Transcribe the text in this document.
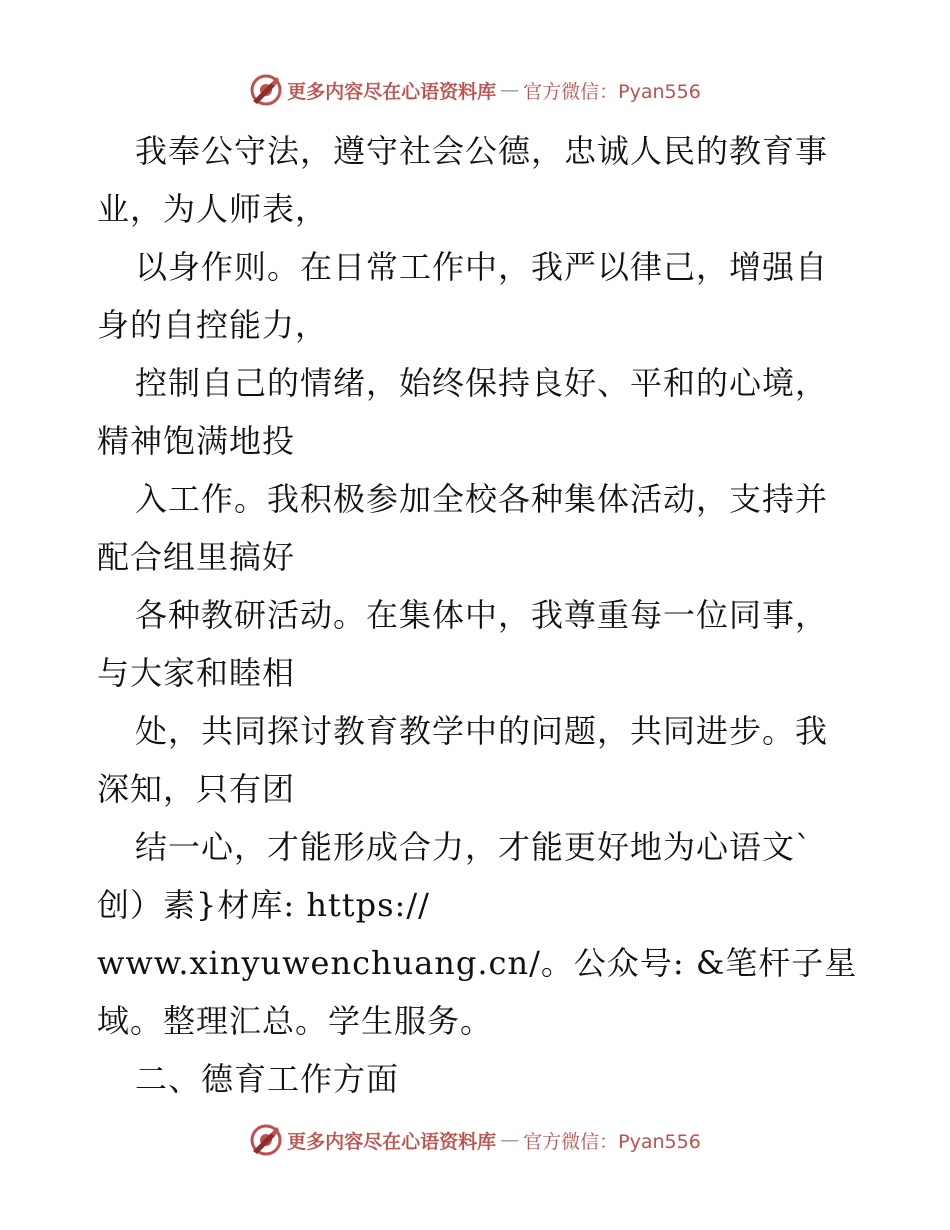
更多内容尽在心语资料库 — 官方微信：Pyan556
我奉公守法，遵守社会公德，忠诚人民的教育事
业，为人师表，
以身作则。在日常工作中，我严以律己，增强自
身的自控能力，
控制自己的情绪，始终保持良好、平和的心境，
精神饱满地投
入工作。我积极参加全校各种集体活动，支持并
配合组里搞好
各种教研活动。在集体中，我尊重每一位同事，
与大家和睦相
处，共同探讨教育教学中的问题，共同进步。我
深知，只有团
结一心，才能形成合力，才能更好地为心语文`
创）素}材库: https://
www.xinyuwenchuang.cn/。公众号: &笔杆子星
域。整理汇总。学生服务。
二、德育工作方面
更多内容尽在心语资料库 — 官方微信：Pyan556
